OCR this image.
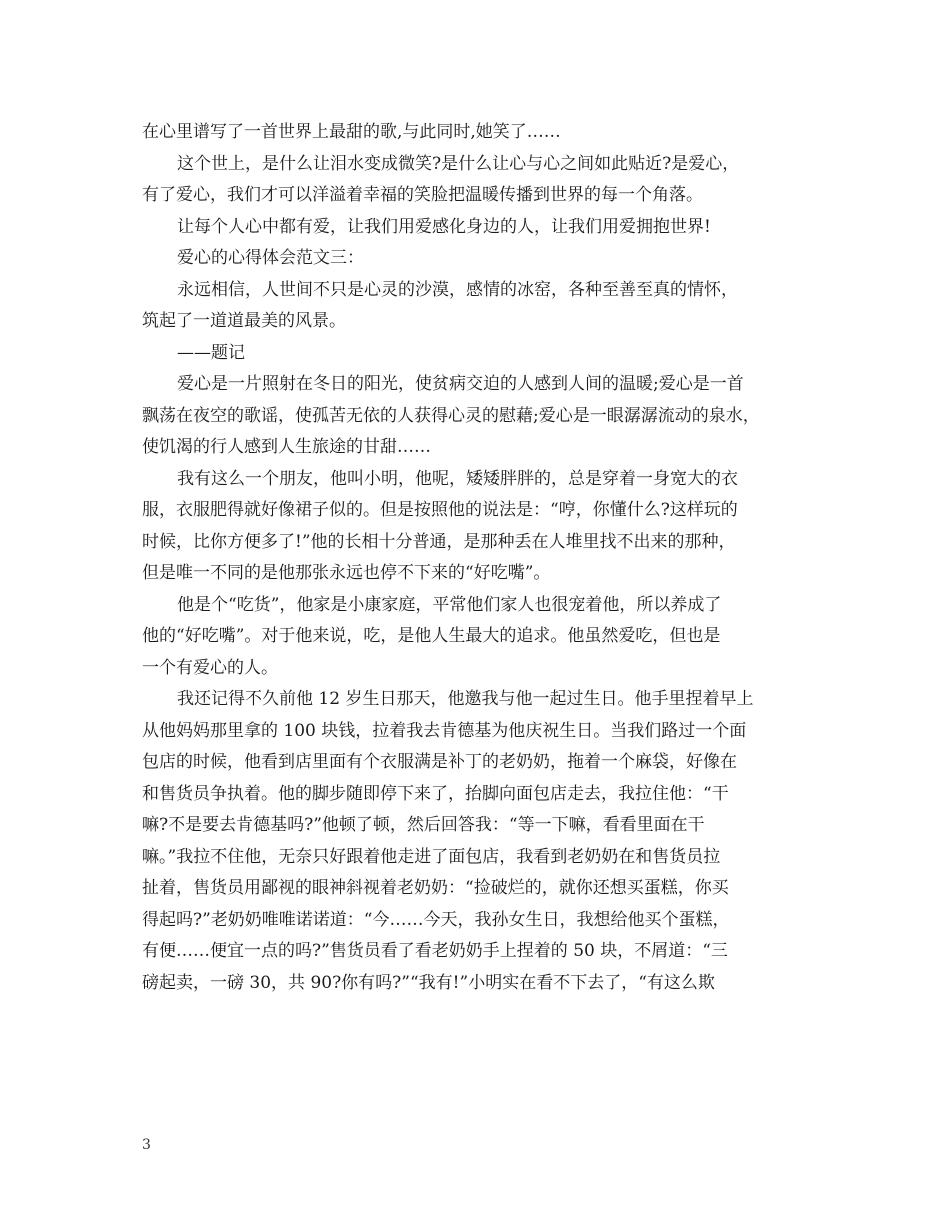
在心里谱写了一首世界上最甜的歌,与此同时,她笑了……
这个世上，是什么让泪水变成微笑?是什么让心与心之间如此贴近?是爱心，
有了爱心，我们才可以洋溢着幸福的笑脸把温暖传播到世界的每一个角落。
让每个人心中都有爱，让我们用爱感化身边的人，让我们用爱拥抱世界!
爱心的心得体会范文三：
永远相信，人世间不只是心灵的沙漠，感情的冰窑，各种至善至真的情怀，
筑起了一道道最美的风景。
——题记
爱心是一片照射在冬日的阳光，使贫病交迫的人感到人间的温暖;爱心是一首
飘荡在夜空的歌谣，使孤苦无依的人获得心灵的慰藉;爱心是一眼潺潺流动的泉水，
使饥渴的行人感到人生旅途的甘甜……
我有这么一个朋友，他叫小明，他呢，矮矮胖胖的，总是穿着一身宽大的衣
服，衣服肥得就好像裙子似的。但是按照他的说法是：“哼，你懂什么?这样玩的
时候，比你方便多了!”他的长相十分普通，是那种丢在人堆里找不出来的那种，
但是唯一不同的是他那张永远也停不下来的“好吃嘴”。
他是个“吃货”，他家是小康家庭，平常他们家人也很宠着他，所以养成了
他的“好吃嘴”。对于他来说，吃，是他人生最大的追求。他虽然爱吃，但也是
一个有爱心的人。
我还记得不久前他 12 岁生日那天，他邀我与他一起过生日。他手里捏着早上
从他妈妈那里拿的 100 块钱，拉着我去肯德基为他庆祝生日。当我们路过一个面
包店的时候，他看到店里面有个衣服满是补丁的老奶奶，拖着一个麻袋，好像在
和售货员争执着。他的脚步随即停下来了，抬脚向面包店走去，我拉住他：“干
嘛?不是要去肯德基吗?”他顿了顿，然后回答我：“等一下嘛，看看里面在干
嘛。”我拉不住他，无奈只好跟着他走进了面包店，我看到老奶奶在和售货员拉
扯着，售货员用鄙视的眼神斜视着老奶奶：“捡破烂的，就你还想买蛋糕，你买
得起吗?”老奶奶唯唯诺诺道：“今……今天，我孙女生日，我想给他买个蛋糕，
有便……便宜一点的吗?”售货员看了看老奶奶手上捏着的 50 块，不屑道：“三
磅起卖，一磅 30，共 90?你有吗?”“我有!”小明实在看不下去了，“有这么欺
3
